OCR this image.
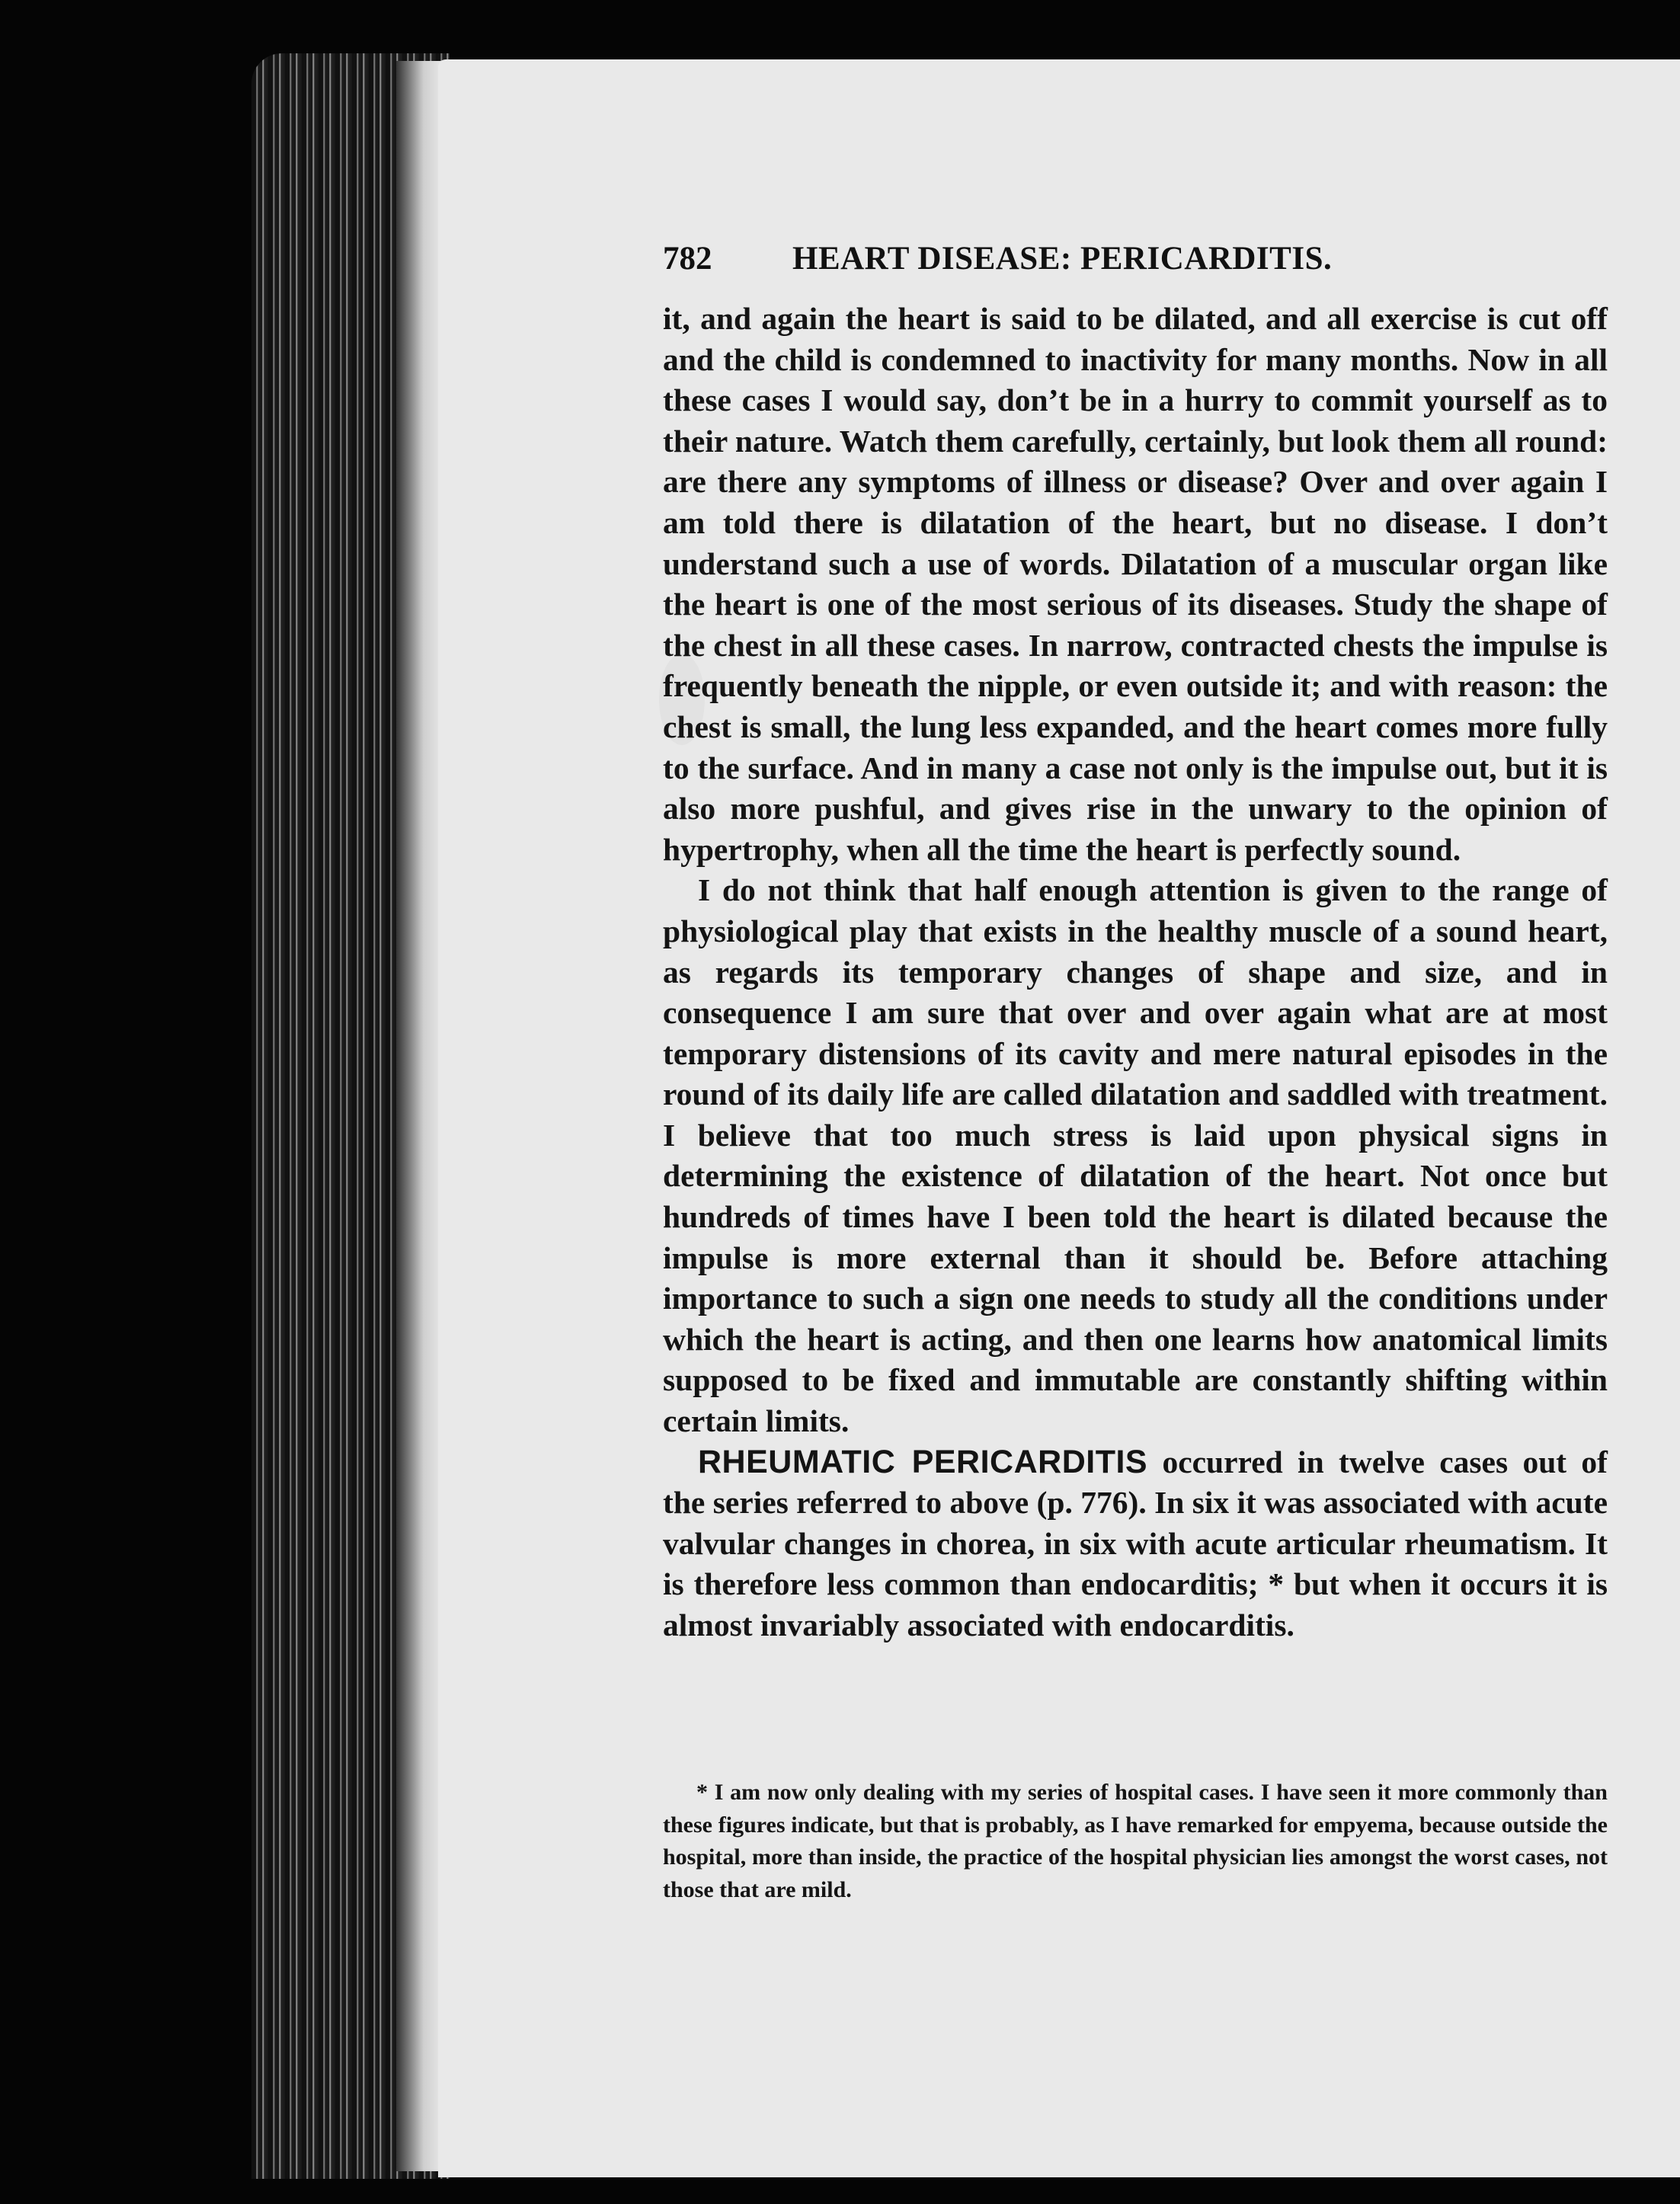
782 HEART DISEASE: PERICARDITIS.

it, and again the heart is said to be dilated, and all exercise is cut off and the child is condemned to inactivity for many months. Now in all these cases I would say, don’t be in a hurry to commit yourself as to their nature. Watch them carefully, certainly, but look them all round: are there any symptoms of illness or disease? Over and over again I am told there is dilatation of the heart, but no disease. I don’t understand such a use of words. Dilatation of a muscular organ like the heart is one of the most serious of its diseases. Study the shape of the chest in all these cases. In narrow, contracted chests the impulse is frequently beneath the nipple, or even outside it; and with reason: the chest is small, the lung less expanded, and the heart comes more fully to the surface. And in many a case not only is the impulse out, but it is also more pushful, and gives rise in the unwary to the opinion of hypertrophy, when all the time the heart is perfectly sound.

I do not think that half enough attention is given to the range of physiological play that exists in the healthy muscle of a sound heart, as regards its temporary changes of shape and size, and in consequence I am sure that over and over again what are at most temporary distensions of its cavity and mere natural episodes in the round of its daily life are called dilatation and saddled with treatment. I believe that too much stress is laid upon physical signs in determining the existence of dilatation of the heart. Not once but hundreds of times have I been told the heart is dilated because the impulse is more external than it should be. Before attaching importance to such a sign one needs to study all the conditions under which the heart is acting, and then one learns how anatomical limits supposed to be fixed and immutable are constantly shifting within certain limits.

RHEUMATIC PERICARDITIS occurred in twelve cases out of the series referred to above (p. 776). In six it was associated with acute valvular changes in chorea, in six with acute articular rheumatism. It is therefore less common than endocarditis; * but when it occurs it is almost invariably associated with endocarditis.

* I am now only dealing with my series of hospital cases. I have seen it more commonly than these figures indicate, but that is probably, as I have remarked for empyema, because outside the hospital, more than inside, the practice of the hospital physician lies amongst the worst cases, not those that are mild.
